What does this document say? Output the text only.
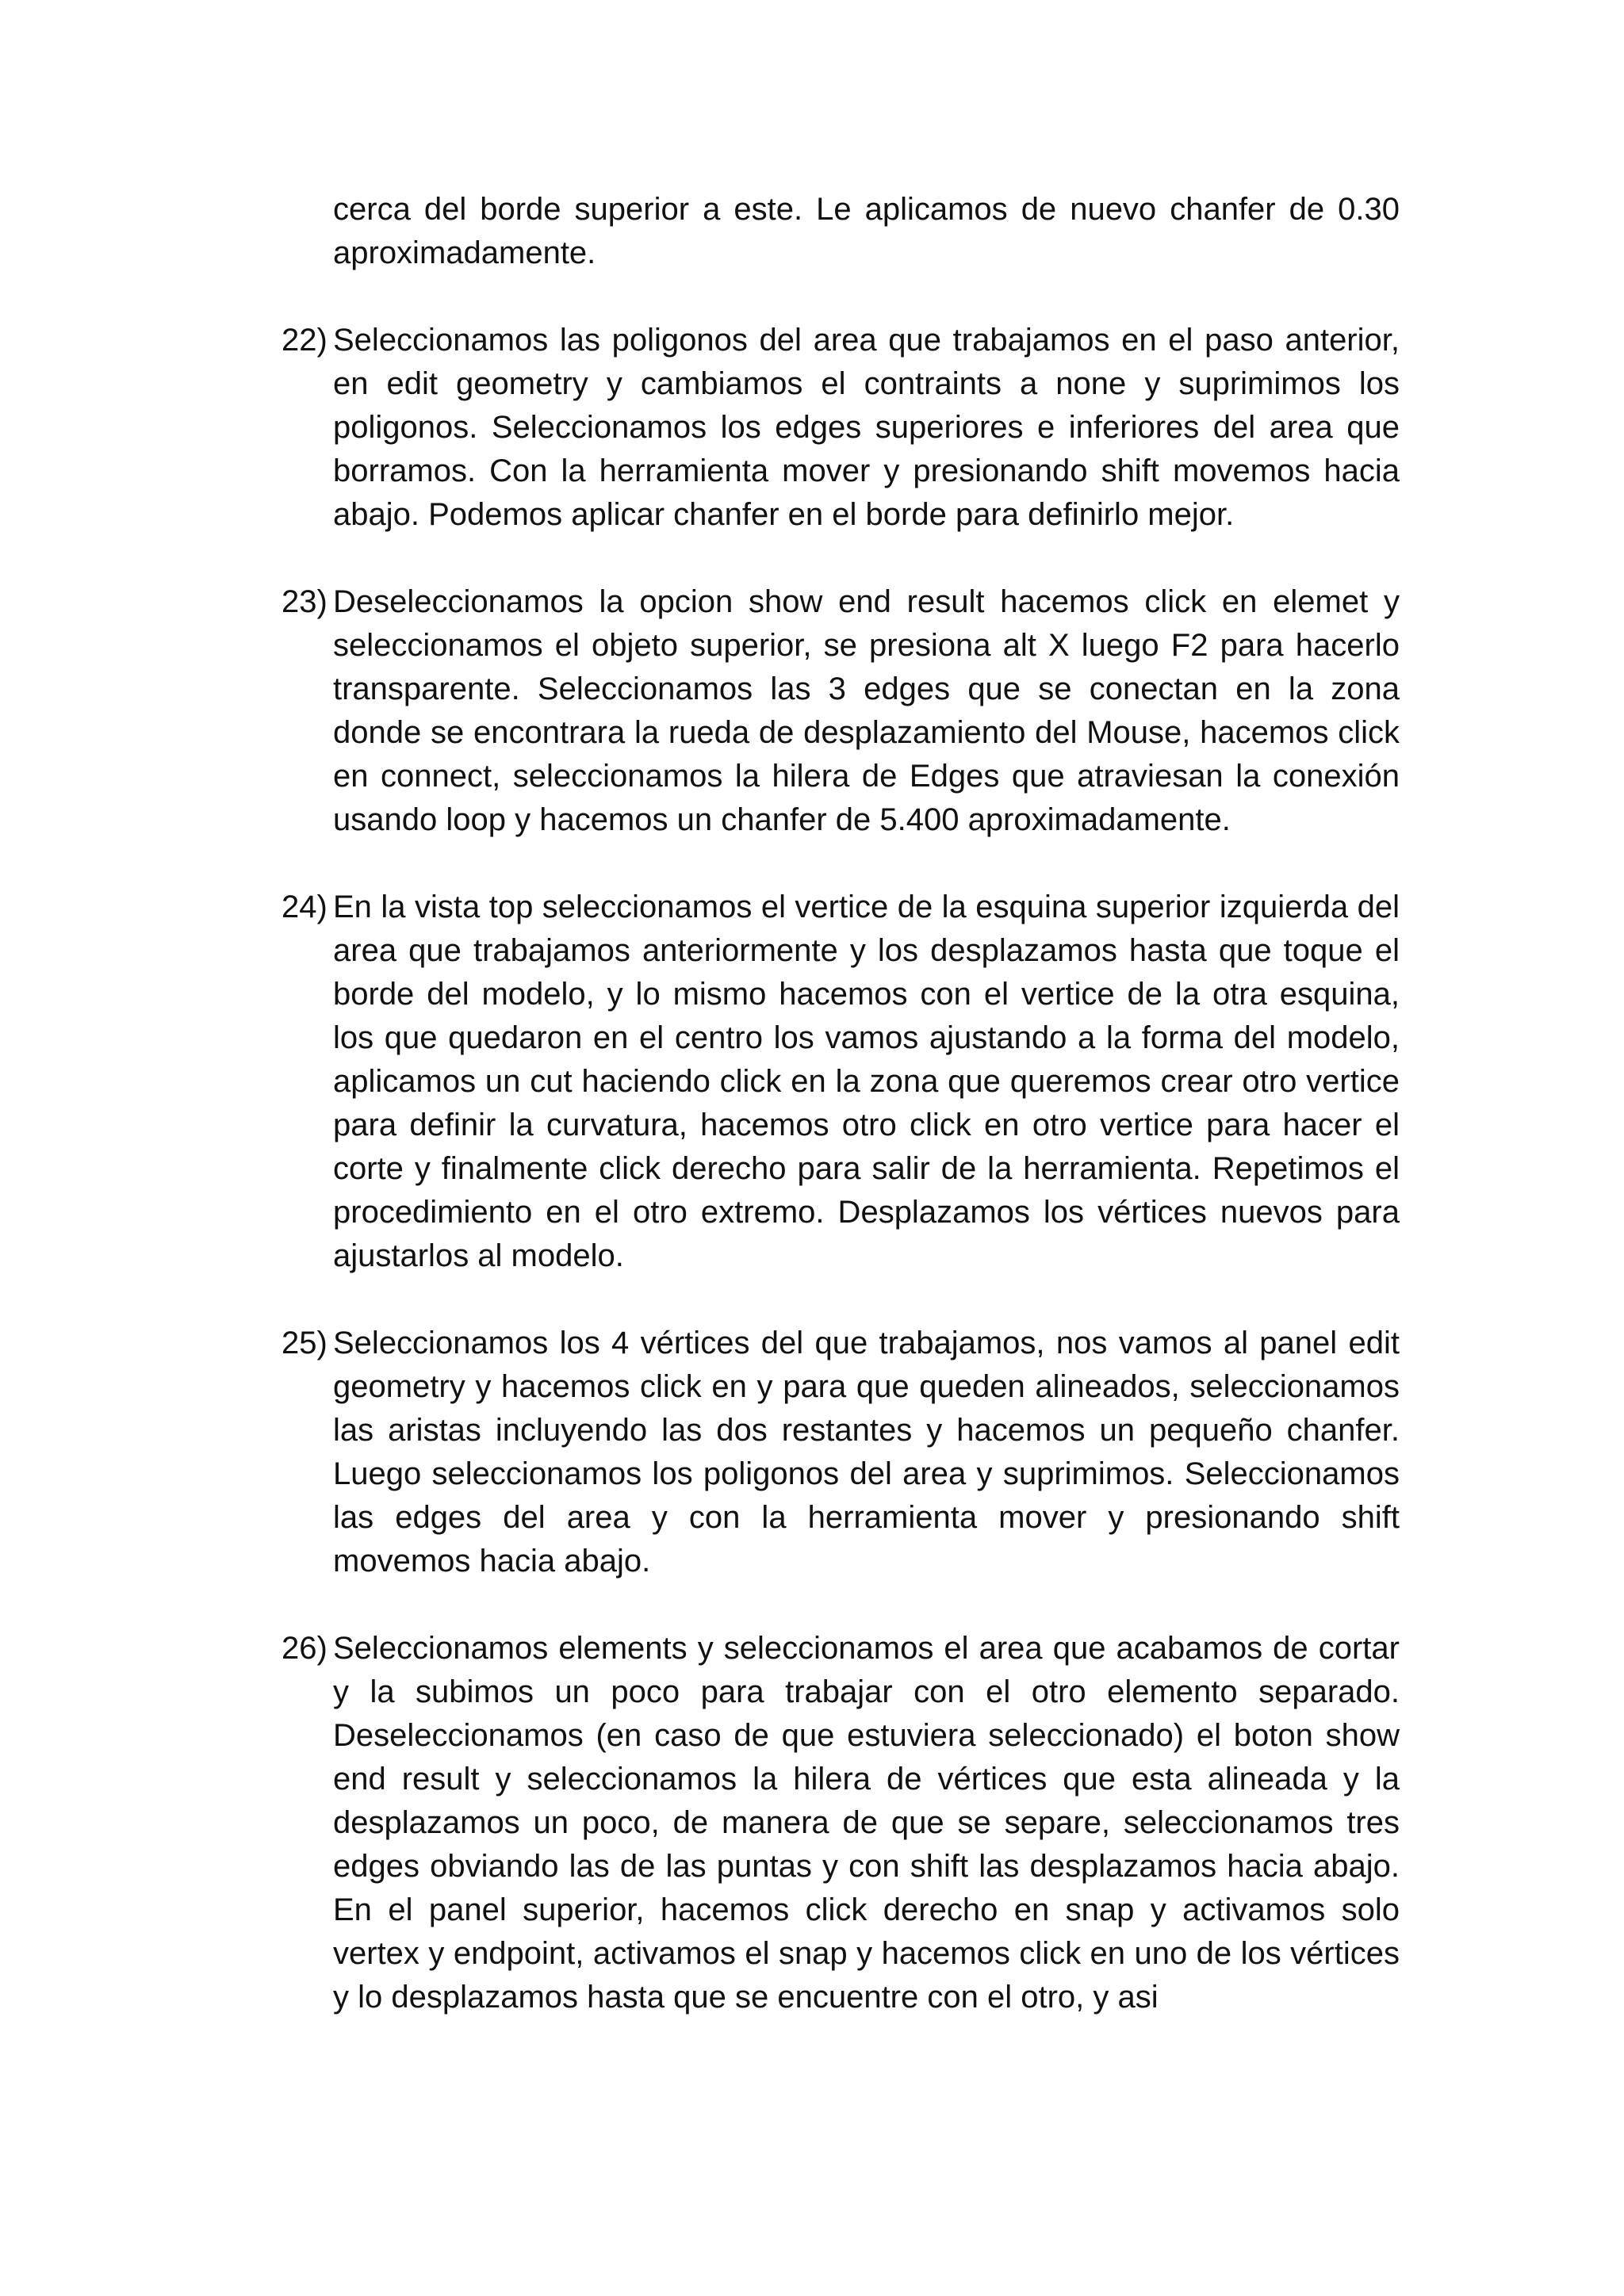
cerca del borde superior a este. Le aplicamos de nuevo chanfer de 0.30 aproximadamente.

22) Seleccionamos las poligonos del area que trabajamos en el paso anterior, en edit geometry y cambiamos el contraints a none y suprimimos los poligonos. Seleccionamos los edges superiores e inferiores del area que borramos. Con la herramienta mover y presionando shift movemos hacia abajo. Podemos aplicar chanfer en el borde para definirlo mejor.

23) Deseleccionamos la opcion show end result hacemos click en elemet y seleccionamos el objeto superior, se presiona alt X luego F2 para hacerlo transparente. Seleccionamos las 3 edges que se conectan en la zona donde se encontrara la rueda de desplazamiento del Mouse, hacemos click en connect, seleccionamos la hilera de Edges que atraviesan la conexión usando loop y hacemos un chanfer de 5.400 aproximadamente.

24) En la vista top seleccionamos el vertice de la esquina superior izquierda del area que trabajamos anteriormente y los desplazamos hasta que toque el borde del modelo, y lo mismo hacemos con el vertice de la otra esquina, los que quedaron en el centro los vamos ajustando a la forma del modelo, aplicamos un cut haciendo click en la zona que queremos crear otro vertice para definir la curvatura, hacemos otro click en otro vertice para hacer el corte y finalmente click derecho para salir de la herramienta. Repetimos el procedimiento en el otro extremo. Desplazamos los vértices nuevos para ajustarlos al modelo.

25) Seleccionamos los 4 vértices del que trabajamos, nos vamos al panel edit geometry y hacemos click en y para que queden alineados, seleccionamos las aristas incluyendo las dos restantes y hacemos un pequeño chanfer. Luego seleccionamos los poligonos del area y suprimimos. Seleccionamos las edges del area y con la herramienta mover y presionando shift movemos hacia abajo.

26) Seleccionamos elements y seleccionamos el area que acabamos de cortar y la subimos un poco para trabajar con el otro elemento separado. Deseleccionamos (en caso de que estuviera seleccionado) el boton show end result y seleccionamos la hilera de vértices que esta alineada y la desplazamos un poco, de manera de que se separe, seleccionamos tres edges obviando las de las puntas y con shift las desplazamos hacia abajo. En el panel superior, hacemos click derecho en snap y activamos solo vertex y endpoint, activamos el snap y hacemos click en uno de los vértices y lo desplazamos hasta que se encuentre con el otro, y asi
